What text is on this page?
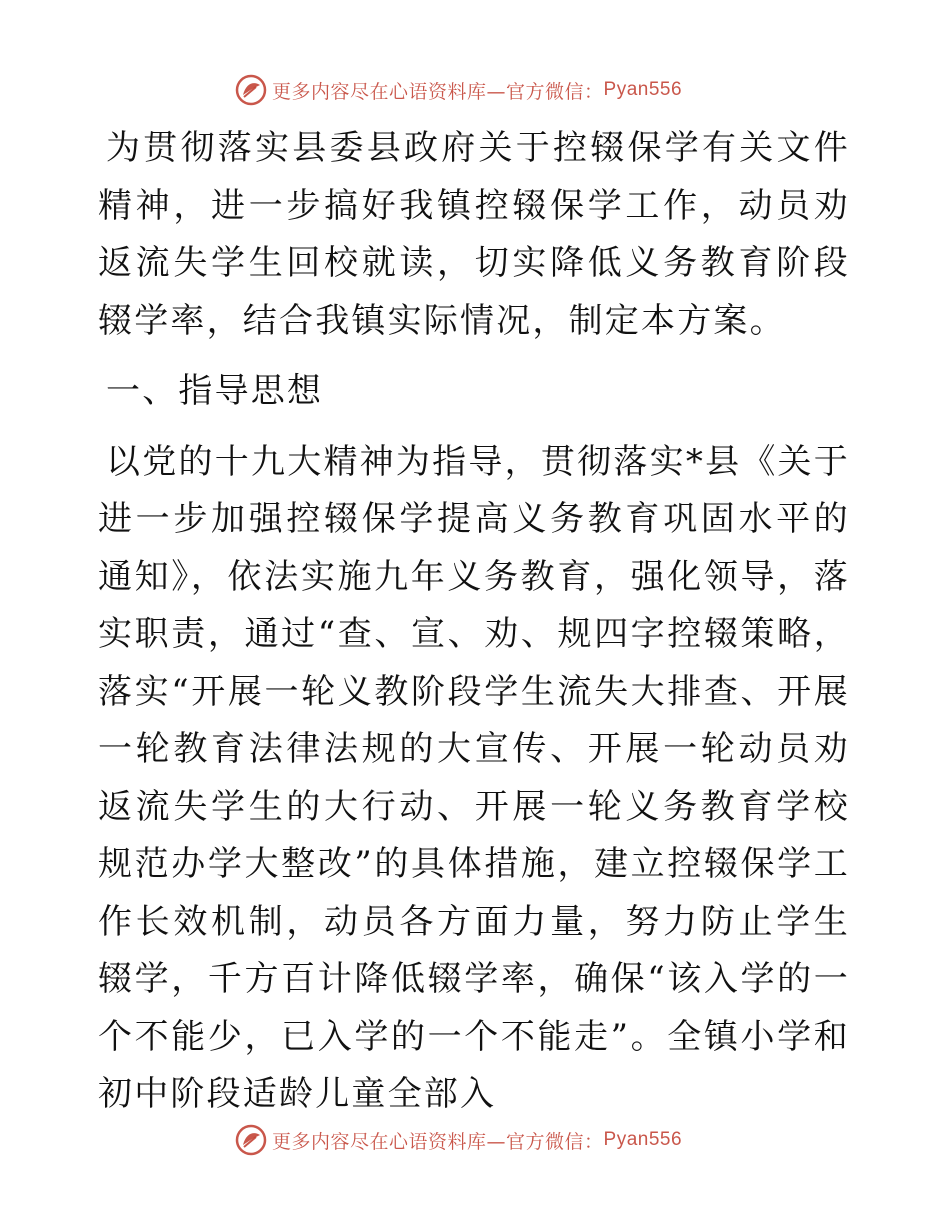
更多内容尽在心语资料库—官方微信： Pyan556

为贯彻落实县委县政府关于控辍保学有关文件精神，进一步搞好我镇控辍保学工作，动员劝返流失学生回校就读，切实降低义务教育阶段辍学率，结合我镇实际情况，制定本方案。

一、指导思想

以党的十九大精神为指导，贯彻落实*县《关于进一步加强控辍保学提高义务教育巩固水平的通知》，依法实施九年义务教育，强化领导，落实职责，通过“查、宣、劝、规四字控辍策略，落实“开展一轮义教阶段学生流失大排查、开展一轮教育法律法规的大宣传、开展一轮动员劝返流失学生的大行动、开展一轮义务教育学校规范办学大整改”的具体措施，建立控辍保学工作长效机制，动员各方面力量，努力防止学生辍学，千方百计降低辍学率，确保“该入学的一个不能少，已入学的一个不能走”。全镇小学和初中阶段适龄儿童全部入

更多内容尽在心语资料库—官方微信： Pyan556
